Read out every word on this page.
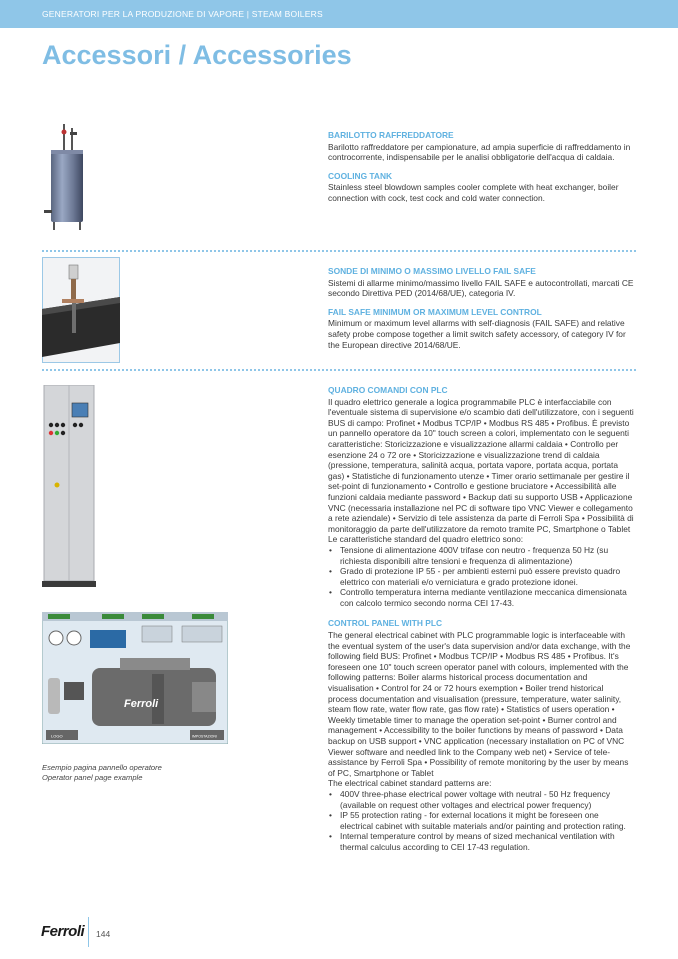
GENERATORI PER LA PRODUZIONE DI VAPORE | STEAM BOILERS
Accessori / Accessories
BARILOTTO RAFFREDDATORE

Barilotto raffreddatore per campionature, ad ampia superficie di raffreddamento in controcorrente, indispensabile per le analisi obbligatorie dell'acqua di caldaia.

COOLING TANK

Stainless steel blowdown samples cooler complete with heat exchanger, boiler connection with cock, test cock and cold water connection.

SONDE DI MINIMO O MASSIMO LIVELLO FAIL SAFE

Sistemi di allarme minimo/massimo livello FAIL SAFE e autocontrollati, marcati CE secondo Direttiva PED (2014/68/UE), categoria IV.

FAIL SAFE MINIMUM OR MAXIMUM LEVEL CONTROL

Minimum or maximum level allarms with self-diagnosis (FAIL SAFE) and relative safety probe compose together a limit switch safety accessory, of category IV for the European directive 2014/68/UE.

Ferroli
LOGO	IMPOSTAZIONI
Esempio pagina pannello operatore
Operator panel page example
QUADRO COMANDI CON PLC

Il quadro elettrico generale a logica programmabile PLC è interfacciabile con l'eventuale sistema di supervisione e/o scambio dati dell'utilizzatore, con i seguenti BUS di campo: Profinet • Modbus TCP/IP • Modbus RS 485 • Profibus. È previsto un pannello operatore da 10" touch screen a colori, implementato con le seguenti caratteristiche: Storicizzazione e visualizzazione allarmi caldaia • Controllo per esenzione 24 o 72 ore • Storicizzazione e visualizzazione trend di caldaia (pressione, temperatura, salinità acqua, portata vapore, portata acqua, portata gas) • Statistiche di funzionamento utenze • Timer orario settimanale per gestire il set-point di funzionamento • Controllo e gestione bruciatore • Accessibilità alle funzioni caldaia mediante password • Backup dati su supporto USB • Applicazione VNC (necessaria installazione nel PC di software tipo VNC Viewer e collegamento a rete aziendale) • Servizio di tele assistenza da parte di Ferroli Spa • Possibilità di monitoraggio da parte dell'utilizzatore da remoto tramite PC, Smartphone o Tablet

Le caratteristiche standard del quadro elettrico sono:
• Tensione di alimentazione 400V trifase con neutro - frequenza 50 Hz (su richiesta disponibili altre tensioni e frequenza di alimentazione)
• Grado di protezione IP 55 - per ambienti esterni può essere previsto quadro elettrico con materiali e/o verniciatura e grado protezione idonei.
• Controllo temperatura interna mediante ventilazione meccanica dimensionata con calcolo termico secondo norma CEI 17-43.
CONTROL PANEL WITH PLC

The general electrical cabinet with PLC programmable logic is interfaceable with the eventual system of the user's data supervision and/or data exchange, with the following field BUS: Profinet • Modbus TCP/IP • Modbus RS 485 • Profibus. It's foreseen one 10" touch screen operator panel with colours, implemented with the following patterns: Boiler alarms historical process documentation and visualisation • Control for 24 or 72 hours exemption • Boiler trend historical process documentation and visualisation (pressure, temperature, water salinity, steam flow rate, water flow rate, gas flow rate) • Statistics of users operation • Weekly timetable timer to manage the operation set-point • Burner control and management • Accessibility to the boiler functions by means of password • Data backup on USB support • VNC application (necessary installation on PC of VNC Viewer software and needled link to the Company web net) • Service of tele-assistance by Ferroli Spa • Possibility of remote monitoring by the user by means of PC, Smartphone or Tablet

The electrical cabinet standard patterns are:
• 400V three-phase electrical power voltage with neutral - 50 Hz frequency (available on request other voltages and electrical power frequency)
• IP 55 protection rating - for external locations it might be foreseen one electrical cabinet with suitable materials and/or painting and protection rating.
• Internal temperature control by means of sized mechanical ventilation with thermal calculus according to CEI 17-43 regulation.
Ferroli 144
